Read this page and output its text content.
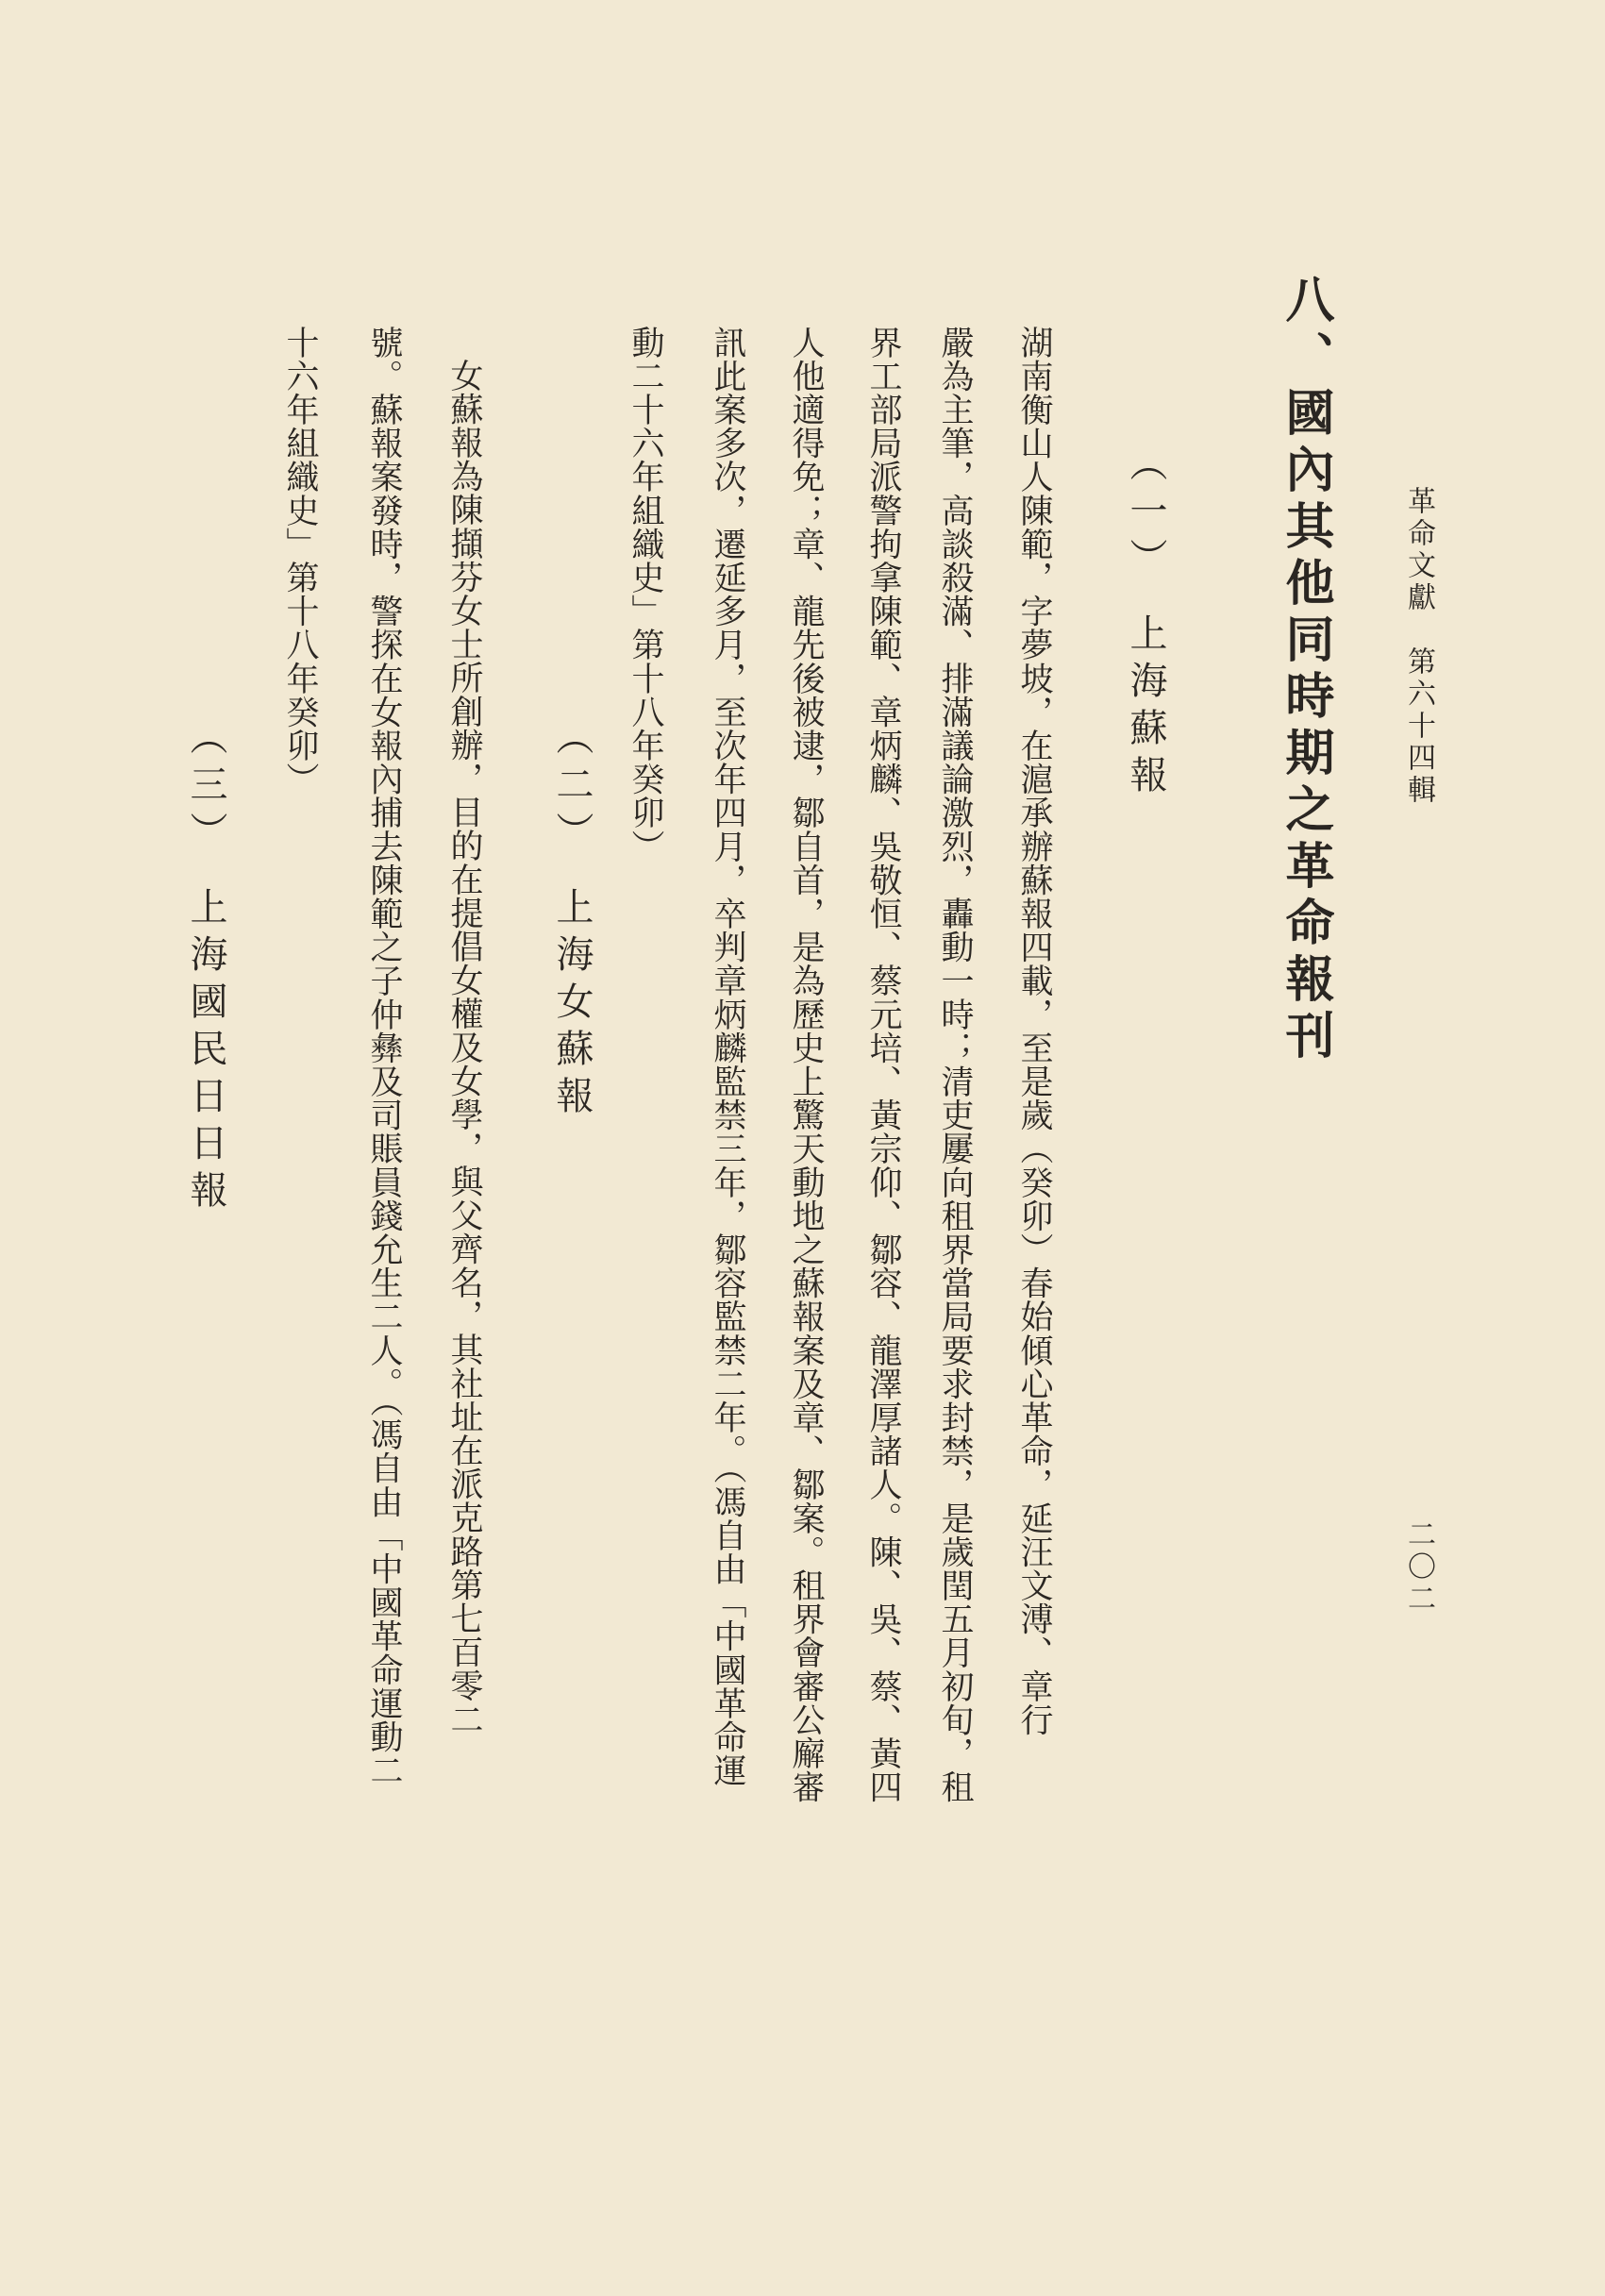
革命文獻　第六十四輯
二〇二
八、國內其他同時期之革命報刊
（一）　上海蘇報
湖南衡山人陳範，字夢坡，在滬承辦蘇報四載，至是歲（癸卯）春始傾心革命，延汪文溥、章行
嚴為主筆，高談殺滿、排滿議論激烈，轟動一時；清吏屢向租界當局要求封禁，是歲閏五月初旬，租
界工部局派警拘拿陳範、章炳麟、吳敬恒、蔡元培、黃宗仰、鄒容、龍澤厚諸人。陳、吳、蔡、黃四
人他適得免；章、龍先後被逮，鄒自首，是為歷史上驚天動地之蘇報案及章、鄒案。租界會審公廨審
訊此案多次，遷延多月，至次年四月，卒判章炳麟監禁三年，鄒容監禁二年。（馮自由「中國革命運
動二十六年組織史」第十八年癸卯）
（二）　上海女蘇報
女蘇報為陳擷芬女士所創辦，目的在提倡女權及女學，與父齊名，其社址在派克路第七百零二
號。蘇報案發時，警探在女報內捕去陳範之子仲彝及司賬員錢允生二人。（馮自由「中國革命運動二
十六年組織史」第十八年癸卯）
（三）　上海國民日日報
